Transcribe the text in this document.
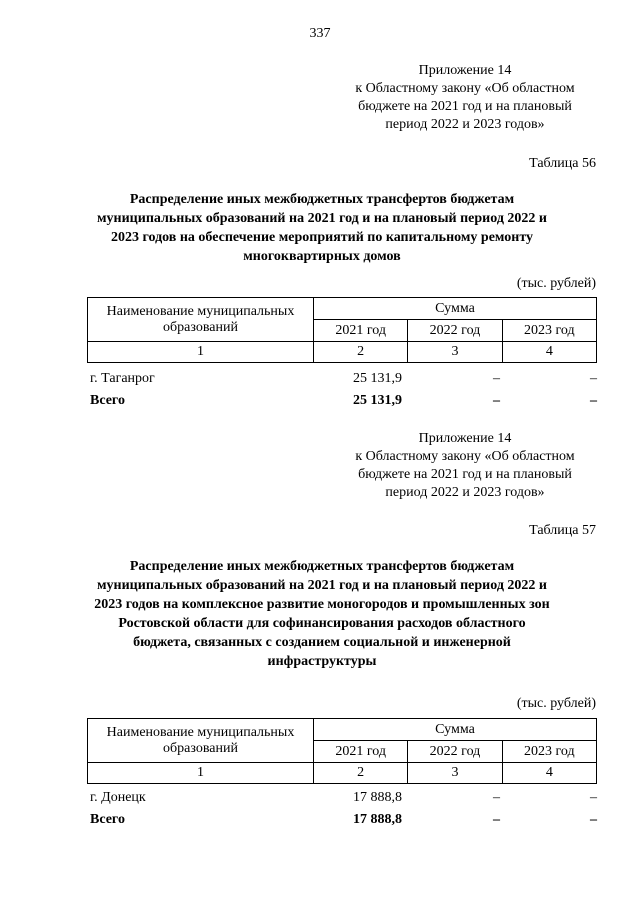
337
Приложение 14
к Областному закону «Об областном
бюджете на 2021 год и на плановый
период 2022 и 2023 годов»
Таблица 56
Распределение иных межбюджетных трансфертов бюджетам
муниципальных образований на 2021 год и на плановый период 2022 и
2023 годов на обеспечение мероприятий по капитальному ремонту
многоквартирных домов
(тыс. рублей)
Наименование муниципальных образований	Сумма		
	2021 год	2022 год	2023 год
1	2	3	4
г. Таганрог	25 131,9	–	–
Всего	25 131,9	–	–
Приложение 14
к Областному закону «Об областном
бюджете на 2021 год и на плановый
период 2022 и 2023 годов»
Таблица 57
Распределение иных межбюджетных трансфертов бюджетам
муниципальных образований на 2021 год и на плановый период 2022 и
2023 годов на комплексное развитие моногородов и промышленных зон
Ростовской области для софинансирования расходов областного
бюджета, связанных с созданием социальной и инженерной
инфраструктуры
(тыс. рублей)
Наименование муниципальных образований	Сумма		
	2021 год	2022 год	2023 год
1	2	3	4
г. Донецк	17 888,8	–	–
Всего	17 888,8	–	–
